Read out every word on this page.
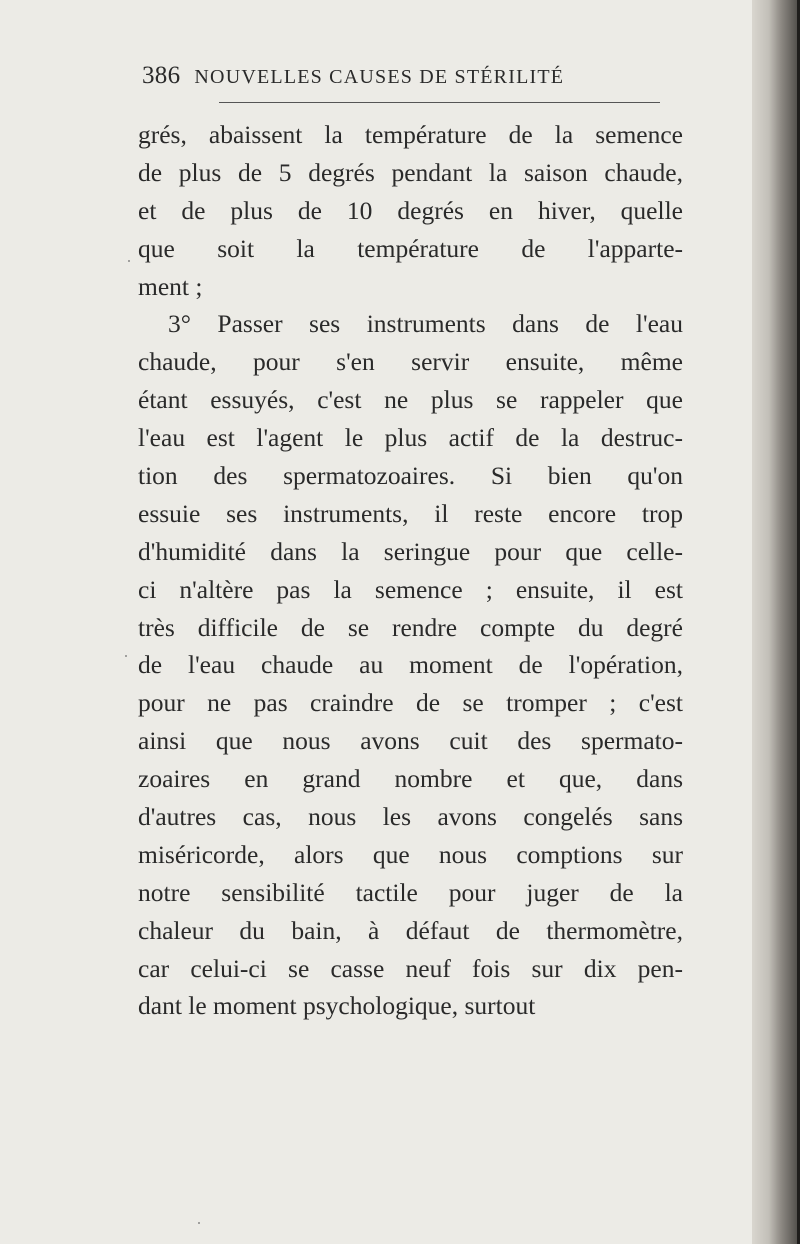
386 NOUVELLES CAUSES DE STÉRILITÉ
grés, abaissent la température de la semence
de plus de 5 degrés pendant la saison chaude,
et de plus de 10 degrés en hiver, quelle
que soit la température de l'apparte-
ment ;
3° Passer ses instruments dans de l'eau
chaude, pour s'en servir ensuite, même
étant essuyés, c'est ne plus se rappeler que
l'eau est l'agent le plus actif de la destruc-
tion des spermatozoaires. Si bien qu'on
essuie ses instruments, il reste encore trop
d'humidité dans la seringue pour que celle-
ci n'altère pas la semence ; ensuite, il est
très difficile de se rendre compte du degré
de l'eau chaude au moment de l'opération,
pour ne pas craindre de se tromper ; c'est
ainsi que nous avons cuit des spermato-
zoaires en grand nombre et que, dans
d'autres cas, nous les avons congelés sans
miséricorde, alors que nous comptions sur
notre sensibilité tactile pour juger de la
chaleur du bain, à défaut de thermomètre,
car celui-ci se casse neuf fois sur dix pen-
dant le moment psychologique, surtout
